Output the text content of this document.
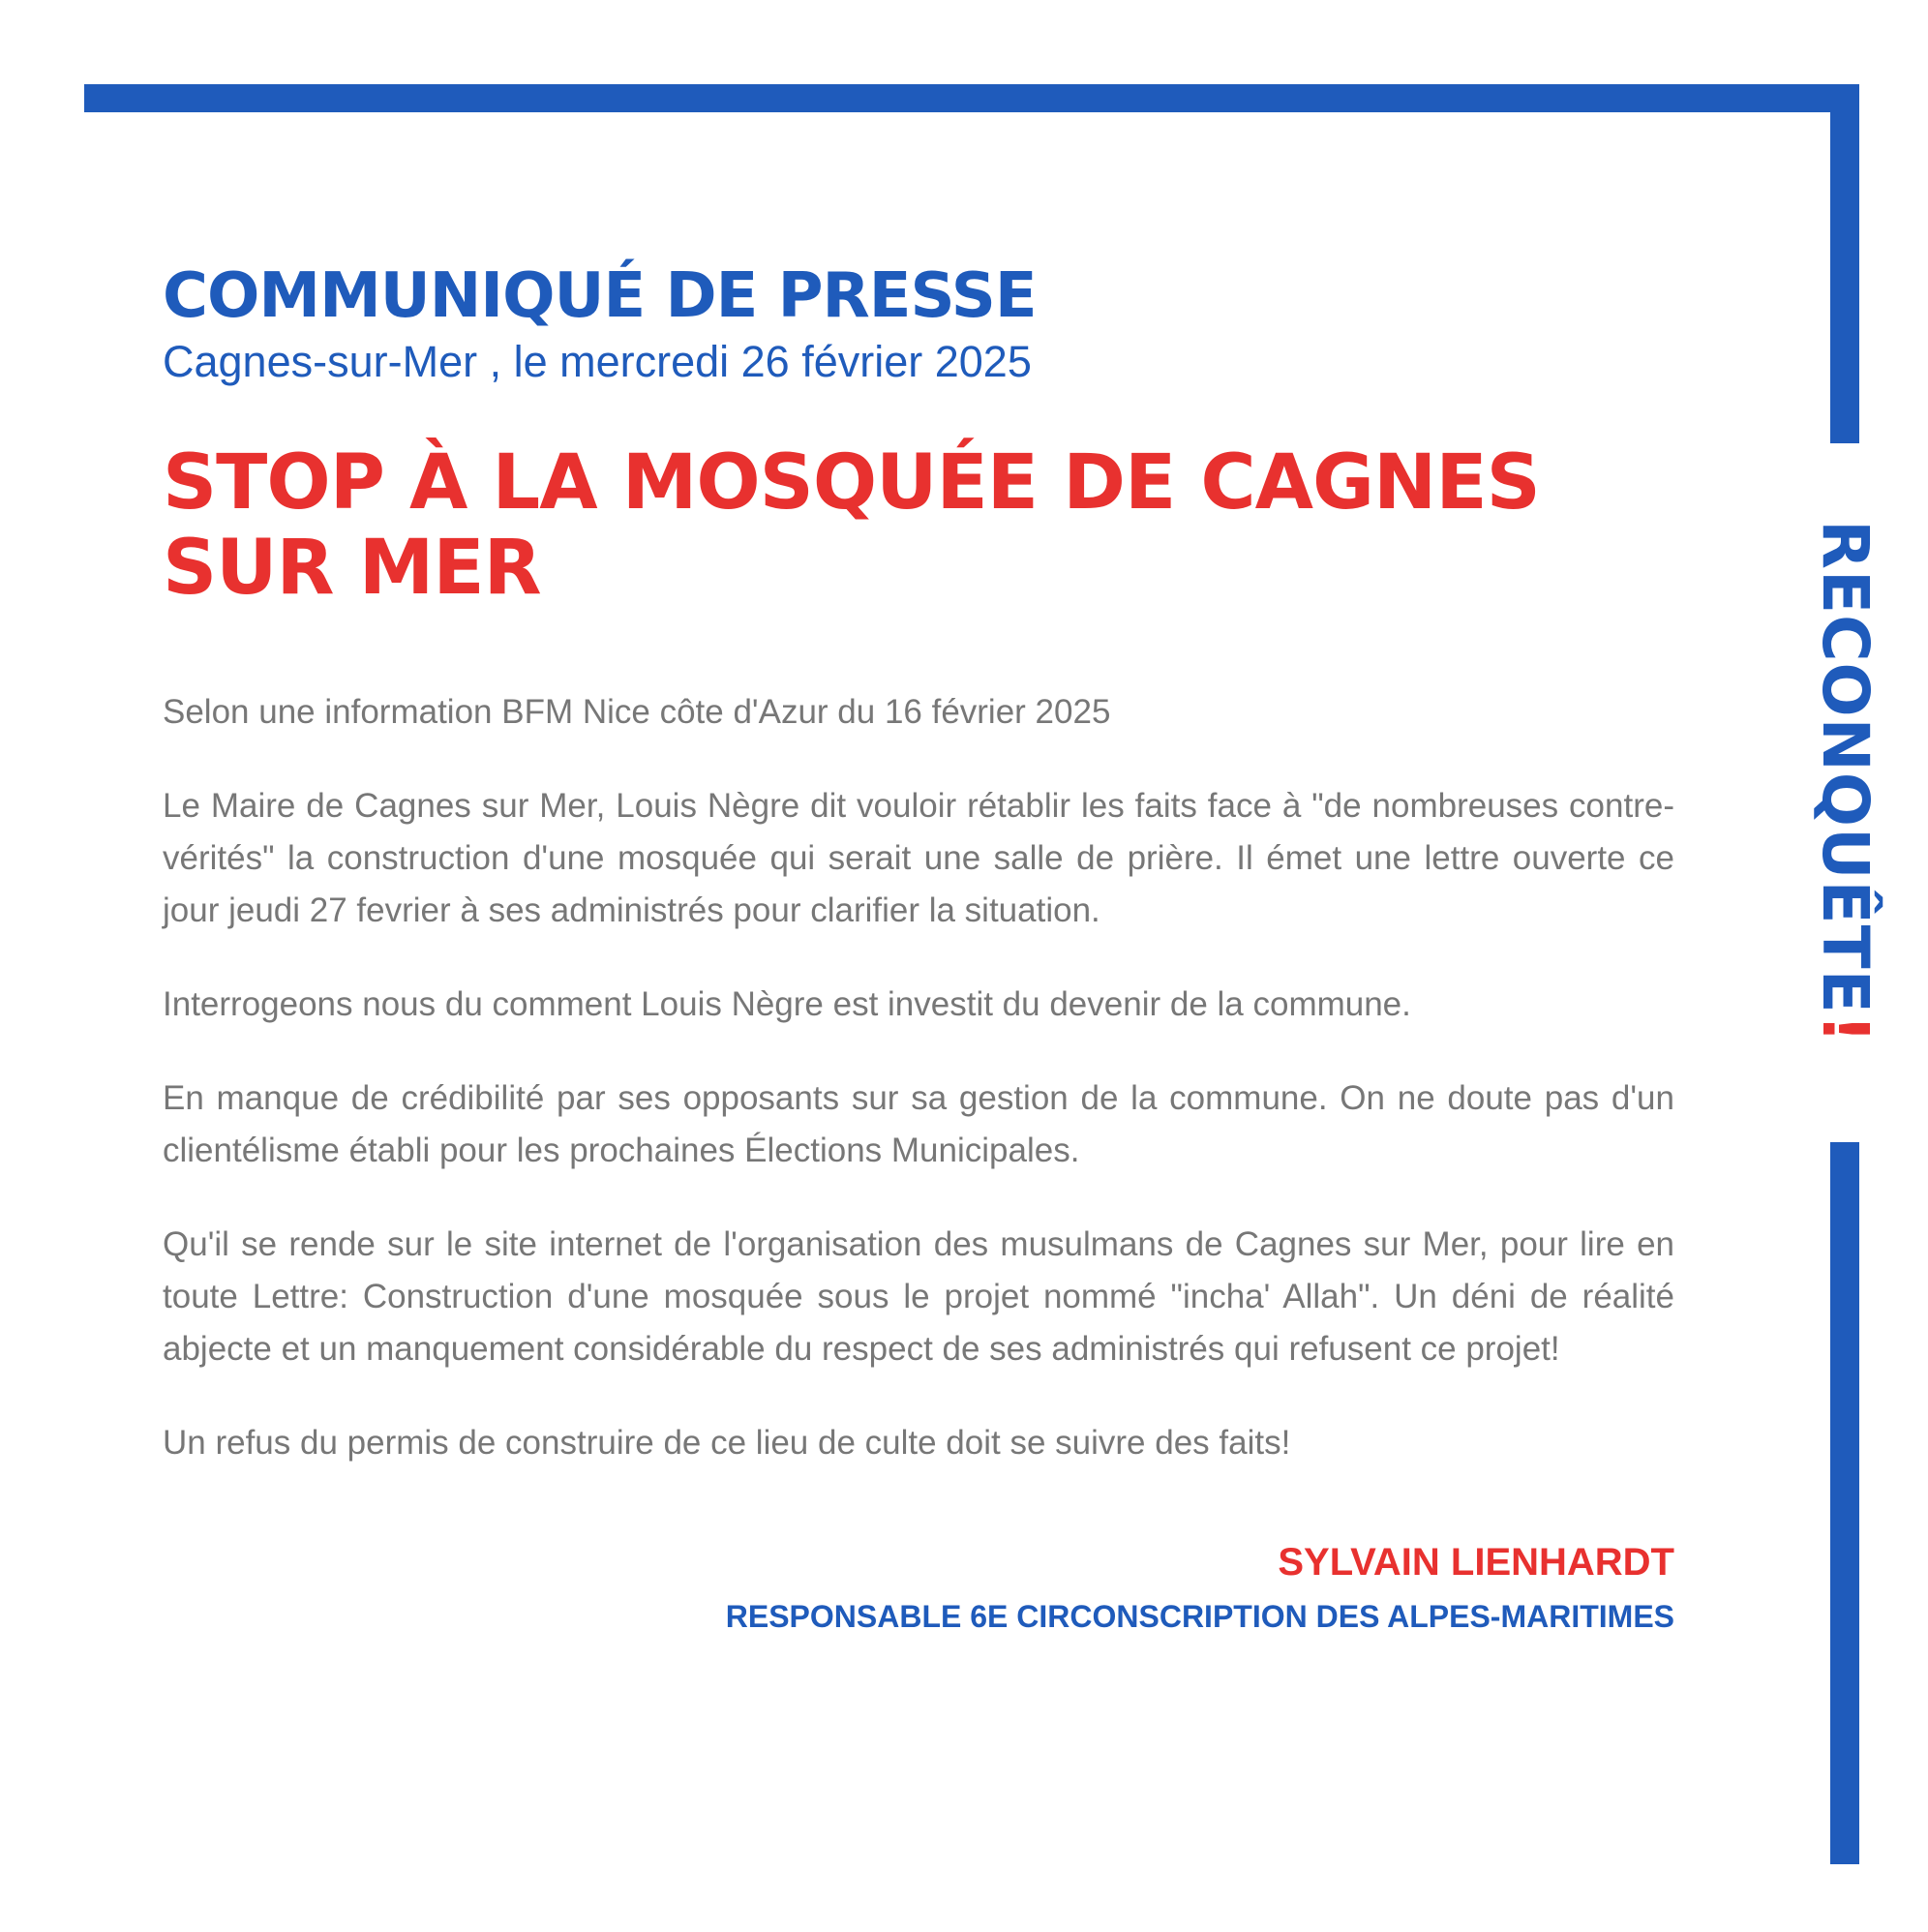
RECONQUÊTE!
COMMUNIQUÉ DE PRESSE
Cagnes-sur-Mer , le mercredi 26 février 2025
STOP À LA MOSQUÉE DE CAGNES SUR MER

Selon une information BFM Nice côte d'Azur du 16 février 2025

Le Maire de Cagnes sur Mer, Louis Nègre dit vouloir rétablir les faits face à "de nombreuses contre-vérités" la construction d'une mosquée qui serait une salle de prière. Il émet une lettre ouverte ce jour jeudi 27 fevrier à ses administrés pour clarifier la situation.

Interrogeons nous du comment Louis Nègre est investit du devenir de la commune.

En manque de crédibilité par ses opposants sur sa gestion de la commune. On ne doute pas d'un clientélisme établi pour les prochaines Élections Municipales.

Qu'il se rende sur le site internet de l'organisation des musulmans de Cagnes sur Mer, pour lire en toute Lettre: Construction d'une mosquée sous le projet nommé "incha' Allah". Un déni de réalité abjecte et un manquement considérable du respect de ses administrés qui refusent ce projet!

Un refus du permis de construire de ce lieu de culte doit se suivre des faits!

SYLVAIN LIENHARDT
RESPONSABLE 6E CIRCONSCRIPTION DES ALPES-MARITIMES
